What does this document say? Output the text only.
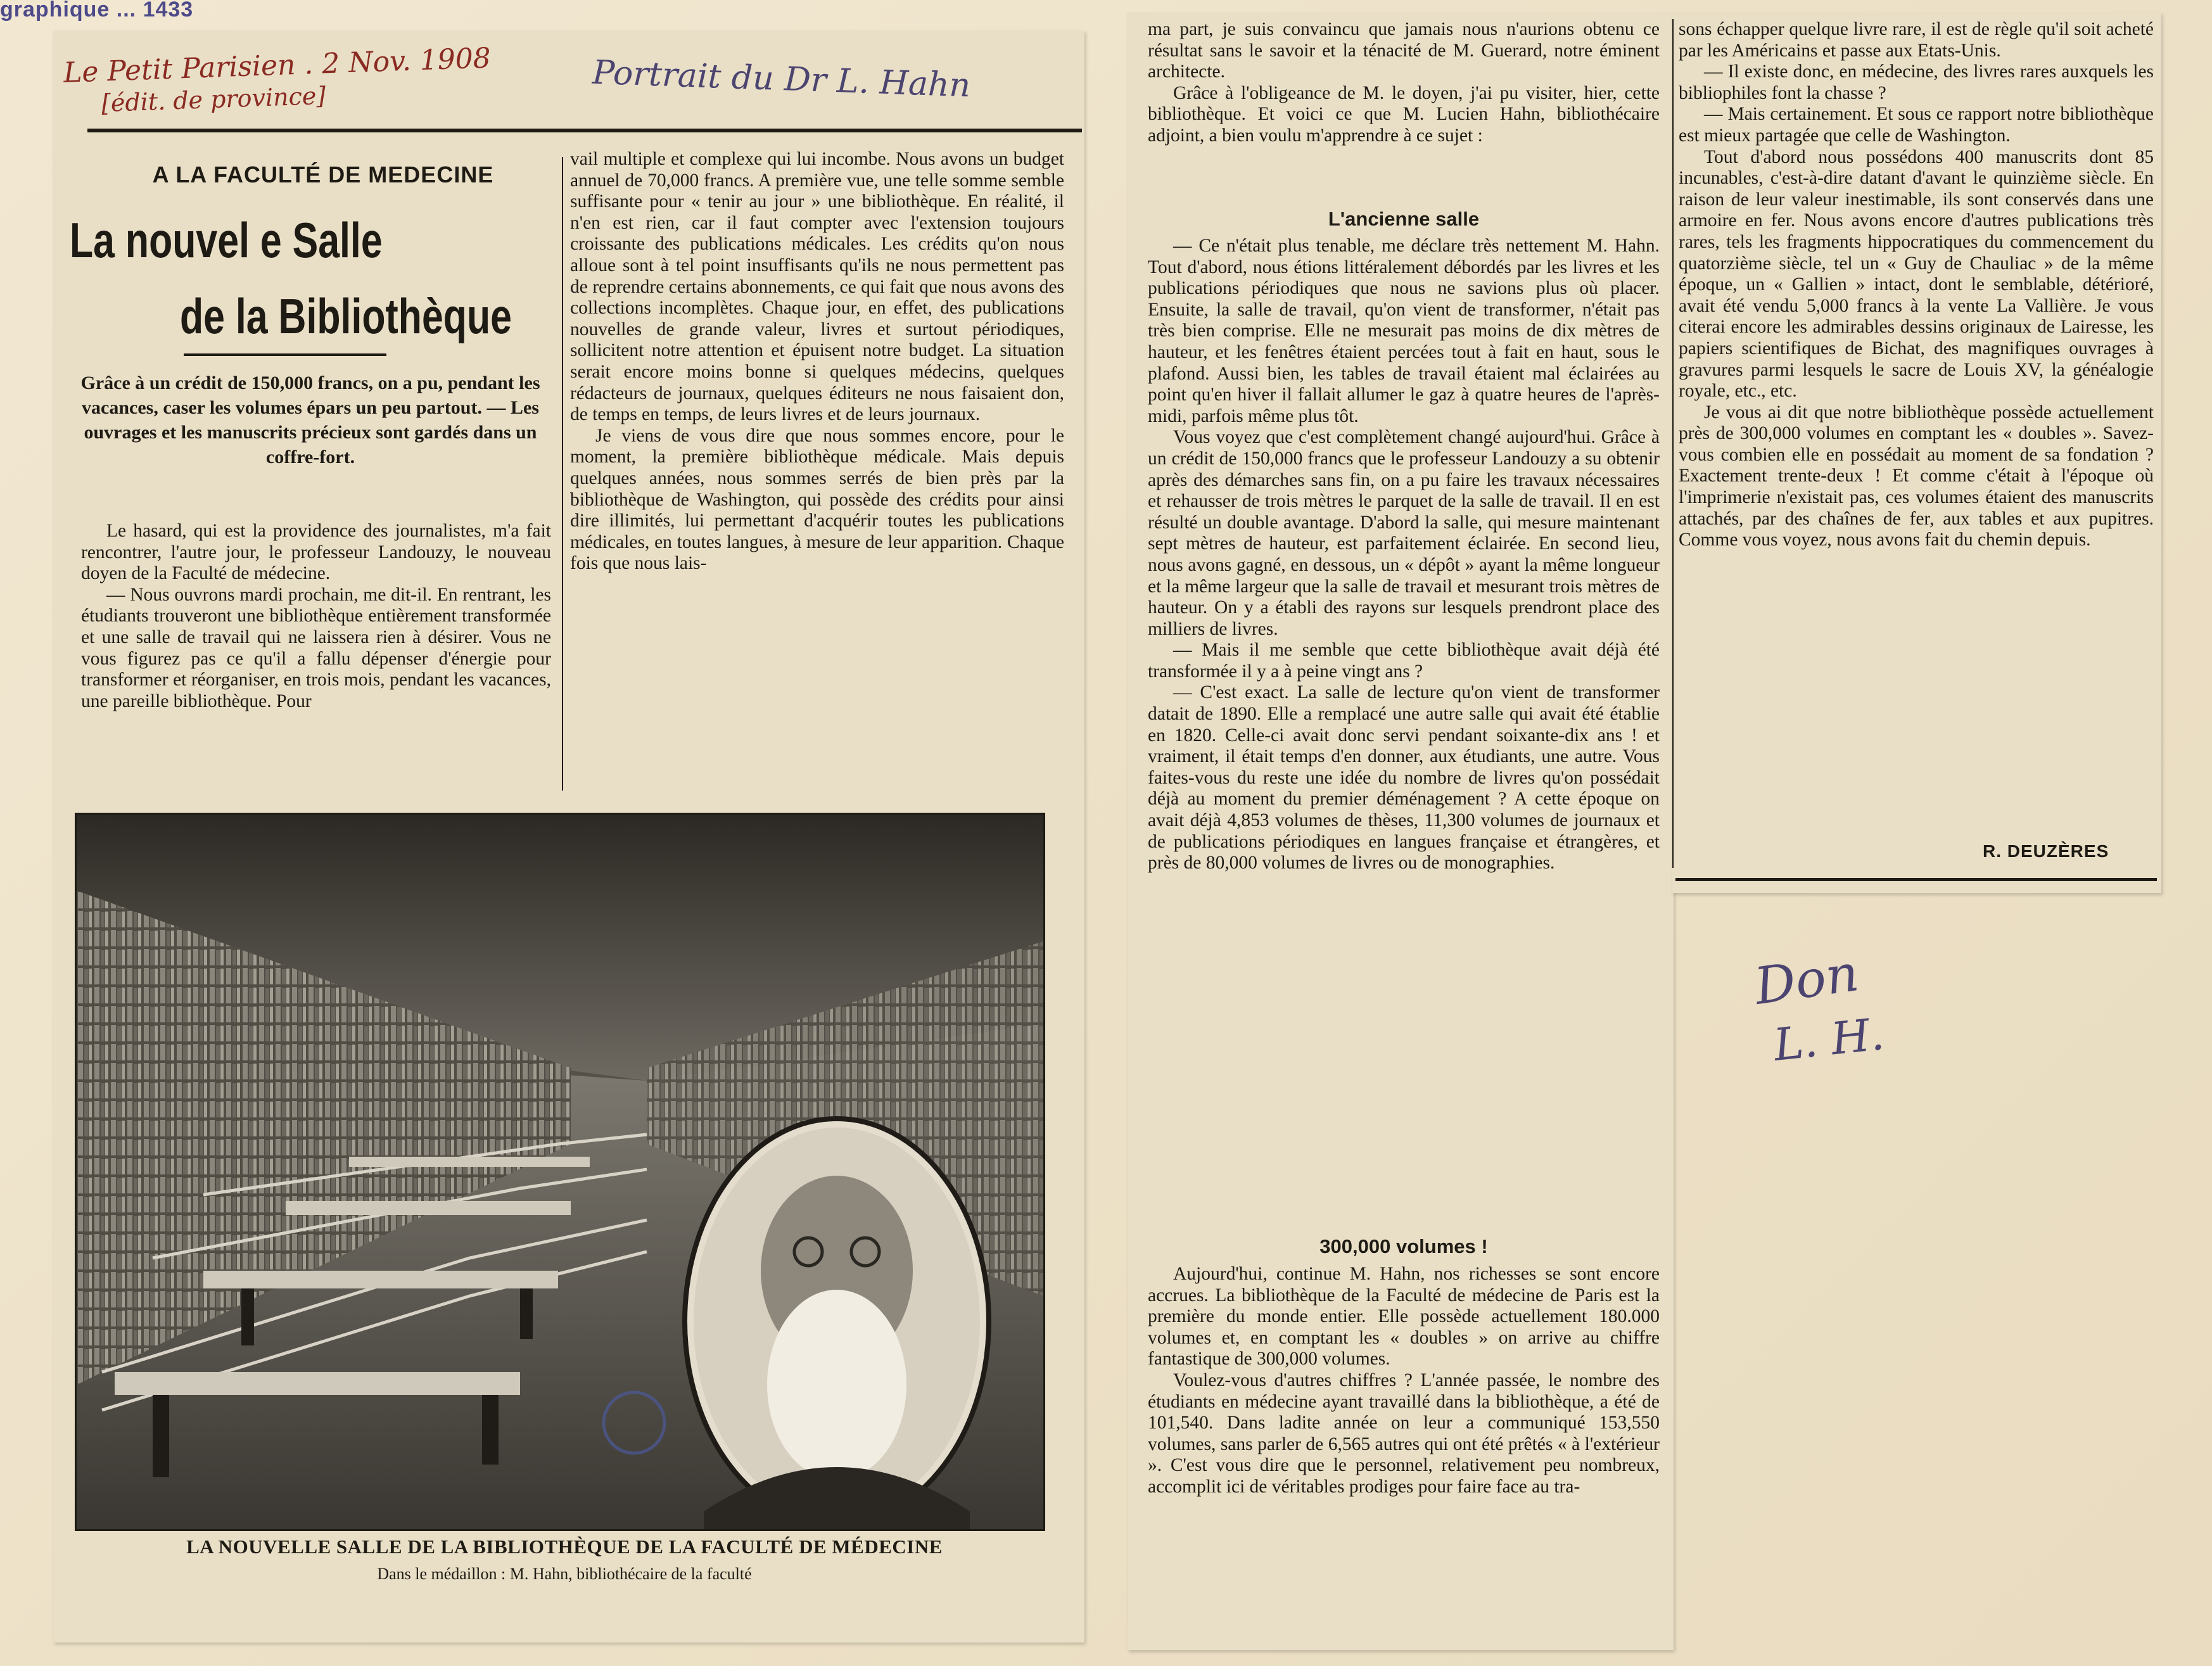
graphique ... 1433
Le Petit Parisien . 2 Nov. 1908
[édit. de province]	Portrait du Dr L. Hahn
A LA FACULTÉ DE MEDECINE
La nouvel e Salle
de la Bibliothèque
Grâce à un crédit de 150,000 francs, on a pu, pendant les vacances, caser les volumes épars un peu partout. — Les ouvrages et les manuscrits précieux sont gardés dans un coffre-fort.

Le hasard, qui est la providence des journalistes, m'a fait rencontrer, l'autre jour, le professeur Landouzy, le nouveau doyen de la Faculté de médecine.

— Nous ouvrons mardi prochain, me dit-il. En rentrant, les étudiants trouveront une bibliothèque entièrement transformée et une salle de travail qui ne laissera rien à désirer. Vous ne vous figurez pas ce qu'il a fallu dépenser d'énergie pour transformer et réorganiser, en trois mois, pendant les vacances, une pareille bibliothèque. Pour

vail multiple et complexe qui lui incombe. Nous avons un budget annuel de 70,000 francs. A première vue, une telle somme semble suffisante pour « tenir au jour » une bibliothèque. En réalité, il n'en est rien, car il faut compter avec l'extension toujours croissante des publications médicales. Les crédits qu'on nous alloue sont à tel point insuffisants qu'ils ne nous permettent pas de reprendre certains abonnements, ce qui fait que nous avons des collections incomplètes. Chaque jour, en effet, des publications nouvelles de grande valeur, livres et surtout périodiques, sollicitent notre attention et épuisent notre budget. La situation serait encore moins bonne si quelques médecins, quelques rédacteurs de journaux, quelques éditeurs ne nous faisaient don, de temps en temps, de leurs livres et de leurs journaux.

Je viens de vous dire que nous sommes encore, pour le moment, la première bibliothèque médicale. Mais depuis quelques années, nous sommes serrés de bien près par la bibliothèque de Washington, qui possède des crédits pour ainsi dire illimités, lui permettant d'acquérir toutes les publications médicales, en toutes langues, à mesure de leur apparition. Chaque fois que nous lais-

LA NOUVELLE SALLE DE LA BIBLIOTHÈQUE DE LA FACULTÉ DE MÉDECINE
Dans le médaillon : M. Hahn, bibliothécaire de la faculté

ma part, je suis convaincu que jamais nous n'aurions obtenu ce résultat sans le savoir et la ténacité de M. Guerard, notre éminent architecte.

Grâce à l'obligeance de M. le doyen, j'ai pu visiter, hier, cette bibliothèque. Et voici ce que M. Lucien Hahn, bibliothécaire adjoint, a bien voulu m'apprendre à ce sujet :

L'ancienne salle

— Ce n'était plus tenable, me déclare très nettement M. Hahn. Tout d'abord, nous étions littéralement débordés par les livres et les publications périodiques que nous ne savions plus où placer. Ensuite, la salle de travail, qu'on vient de transformer, n'était pas très bien comprise. Elle ne mesurait pas moins de dix mètres de hauteur, et les fenêtres étaient percées tout à fait en haut, sous le plafond. Aussi bien, les tables de travail étaient mal éclairées au point qu'en hiver il fallait allumer le gaz à quatre heures de l'après-midi, parfois même plus tôt.

Vous voyez que c'est complètement changé aujourd'hui. Grâce à un crédit de 150,000 francs que le professeur Landouzy a su obtenir après des démarches sans fin, on a pu faire les travaux nécessaires et rehausser de trois mètres le parquet de la salle de travail. Il en est résulté un double avantage. D'abord la salle, qui mesure maintenant sept mètres de hauteur, est parfaitement éclairée. En second lieu, nous avons gagné, en dessous, un « dépôt » ayant la même longueur et la même largeur que la salle de travail et mesurant trois mètres de hauteur. On y a établi des rayons sur lesquels prendront place des milliers de livres.

— Mais il me semble que cette bibliothèque avait déjà été transformée il y a à peine vingt ans ?

— C'est exact. La salle de lecture qu'on vient de transformer datait de 1890. Elle a remplacé une autre salle qui avait été établie en 1820. Celle-ci avait donc servi pendant soixante-dix ans ! et vraiment, il était temps d'en donner, aux étudiants, une autre. Vous faites-vous du reste une idée du nombre de livres qu'on possédait déjà au moment du premier déménagement ? A cette époque on avait déjà 4,853 volumes de thèses, 11,300 volumes de journaux et de publications périodiques en langues française et étrangères, et près de 80,000 volumes de livres ou de monographies.

300,000 volumes !

Aujourd'hui, continue M. Hahn, nos richesses se sont encore accrues. La bibliothèque de la Faculté de médecine de Paris est la première du monde entier. Elle possède actuellement 180.000 volumes et, en comptant les « doubles » on arrive au chiffre fantastique de 300,000 volumes.

Voulez-vous d'autres chiffres ? L'année passée, le nombre des étudiants en médecine ayant travaillé dans la bibliothèque, a été de 101,540. Dans ladite année on leur a communiqué 153,550 volumes, sans parler de 6,565 autres qui ont été prêtés « à l'extérieur ». C'est vous dire que le personnel, relativement peu nombreux, accomplit ici de véritables prodiges pour faire face au tra-

sons échapper quelque livre rare, il est de règle qu'il soit acheté par les Américains et passe aux Etats-Unis.

— Il existe donc, en médecine, des livres rares auxquels les bibliophiles font la chasse ?

— Mais certainement. Et sous ce rapport notre bibliothèque est mieux partagée que celle de Washington.

Tout d'abord nous possédons 400 manuscrits dont 85 incunables, c'est-à-dire datant d'avant le quinzième siècle. En raison de leur valeur inestimable, ils sont conservés dans une armoire en fer. Nous avons encore d'autres publications très rares, tels les fragments hippocratiques du commencement du quatorzième siècle, tel un « Guy de Chauliac » de la même époque, un « Gallien » intact, dont le semblable, détérioré, avait été vendu 5,000 francs à la vente La Vallière. Je vous citerai encore les admirables dessins originaux de Lairesse, les papiers scientifiques de Bichat, des magnifiques ouvrages à gravures parmi lesquels le sacre de Louis XV, la généalogie royale, etc., etc.

Je vous ai dit que notre bibliothèque possède actuellement près de 300,000 volumes en comptant les « doubles ». Savez-vous combien elle en possédait au moment de sa fondation ? Exactement trente-deux ! Et comme c'était à l'époque où l'imprimerie n'existait pas, ces volumes étaient des manuscrits attachés, par des chaînes de fer, aux tables et aux pupitres. Comme vous voyez, nous avons fait du chemin depuis.

R. DEUZÈRES
Don
L. H.
